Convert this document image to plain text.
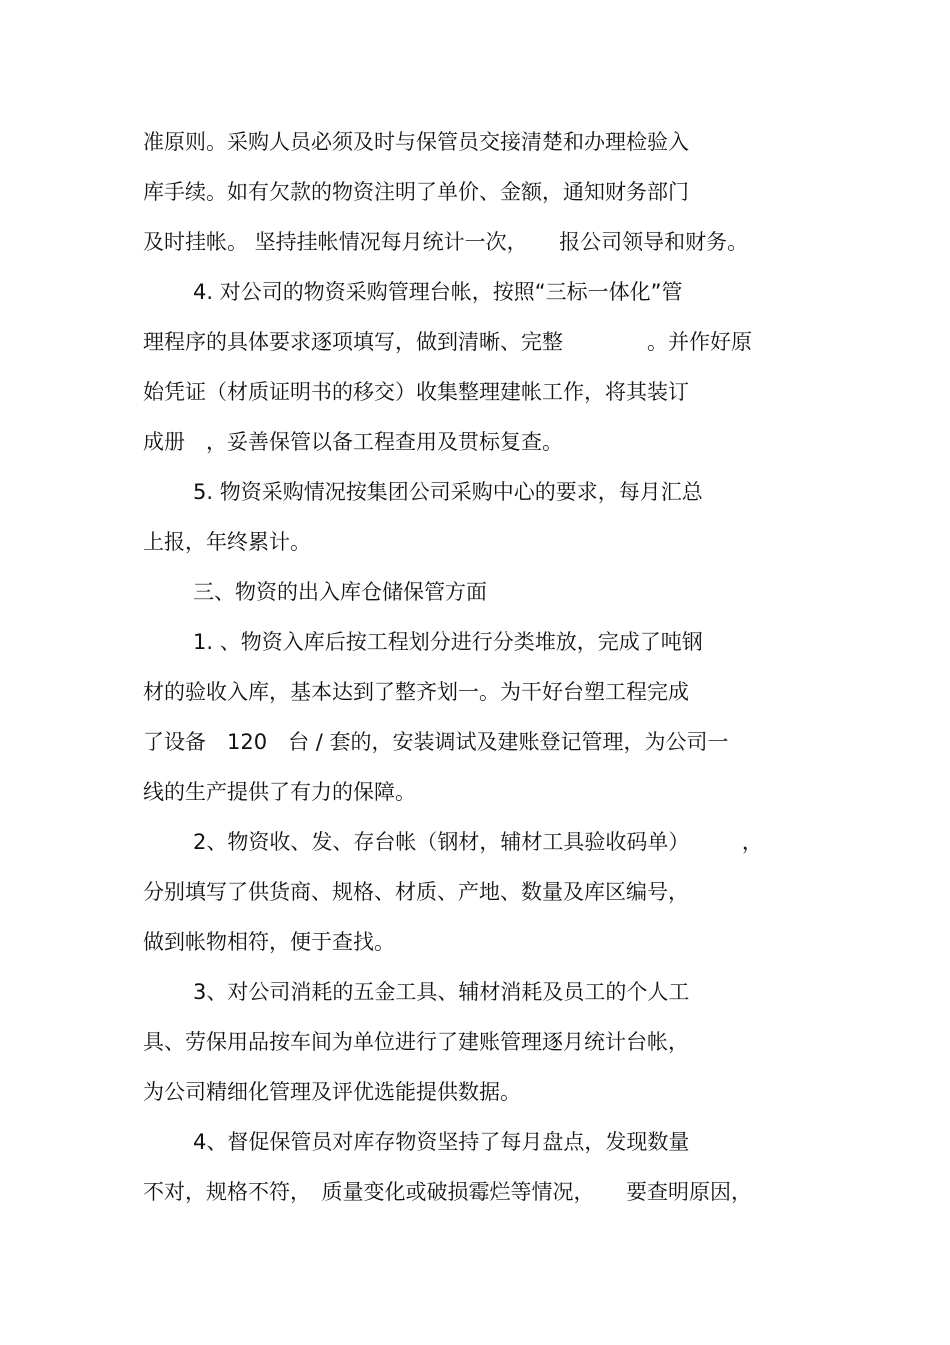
准原则。采购人员必须及时与保管员交接清楚和办理检验入
库手续。如有欠款的物资注明了单价、金额，通知财务部门
及时挂帐。 坚持挂帐情况每月统计一次，　　报公司领导和财务。
4. 对公司的物资采购管理台帐，按照“三标一体化”管
理程序的具体要求逐项填写，做到清晰、完整　　　　。并作好原
始凭证（材质证明书的移交）收集整理建帐工作，将其装订
成册　，妥善保管以备工程查用及贯标复查。
5. 物资采购情况按集团公司采购中心的要求，每月汇总
上报，年终累计。
三、物资的出入库仓储保管方面
1. 、物资入库后按工程划分进行分类堆放，完成了吨钢
材的验收入库，基本达到了整齐划一。为干好台塑工程完成
了设备　120　台 / 套的，安装调试及建账登记管理，为公司一
线的生产提供了有力的保障。
2、物资收、发、存台帐（钢材，辅材工具验收码单）　　　，
分别填写了供货商、规格、材质、产地、数量及库区编号，
做到帐物相符，便于查找。
3、对公司消耗的五金工具、辅材消耗及员工的个人工
具、劳保用品按车间为单位进行了建账管理逐月统计台帐，
为公司精细化管理及评优选能提供数据。
4、督促保管员对库存物资坚持了每月盘点，发现数量
不对，规格不符，　质量变化或破损霉烂等情况，　　要查明原因，
